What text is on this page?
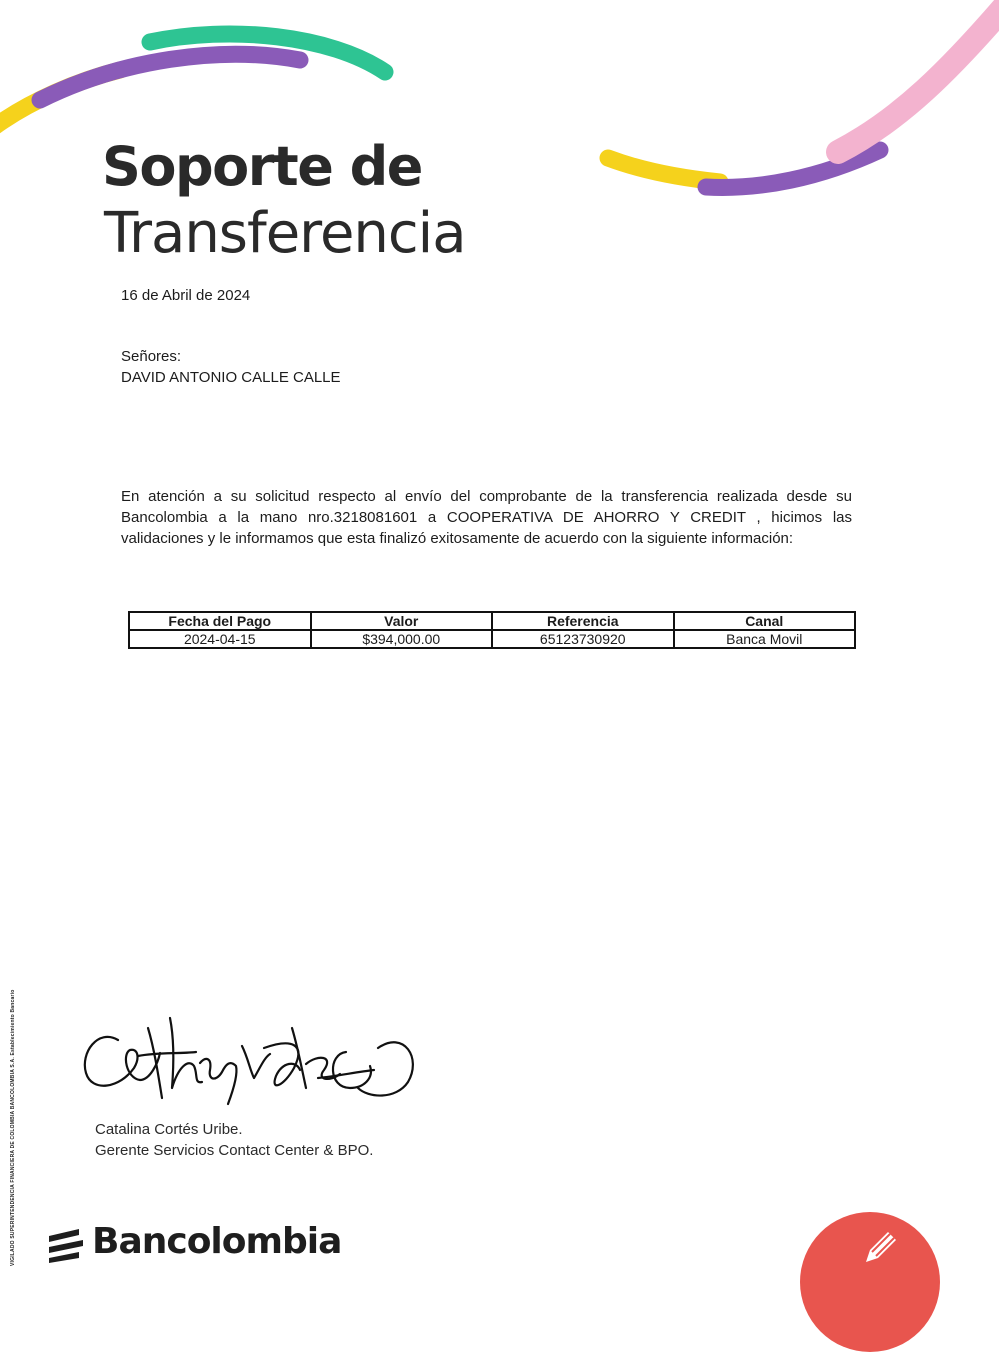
Soporte de
Transferencia
16 de Abril de 2024
Señores:
DAVID ANTONIO CALLE CALLE

En atención a su solicitud respecto al envío del comprobante de la transferencia realizada desde su Bancolombia a la mano nro.3218081601 a COOPERATIVA DE AHORRO Y CREDIT , hicimos las validaciones y le informamos que esta finalizó exitosamente de acuerdo con la siguiente información:

Fecha del Pago	Valor	Referencia	Canal
2024-04-15	$394,000.00	65123730920	Banca Movil
Catalina Cortés Uribe.
Gerente Servicios Contact Center & BPO.
VIGILADO SUPERINTENDENCIA FINANCIERA DE COLOMBIA BANCOLOMBIA S.A. Establecimiento Bancario Bancolombia
